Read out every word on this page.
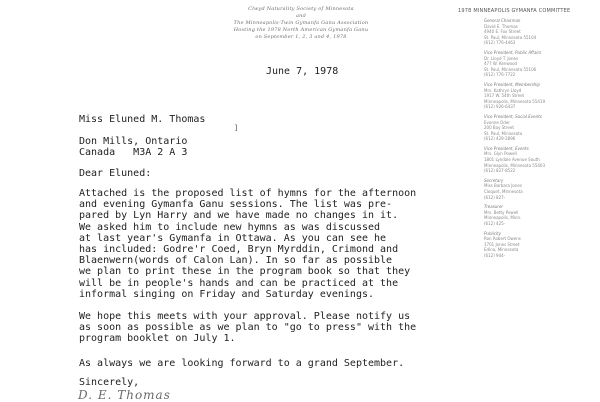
Clwyd Naturality Society of Minnesota
and
The Minneapolis-Twin Gymanfa Ganu Association
Hosting the 1978 North American Gymanfa Ganu
on September 1, 2, 3 and 4, 1978
1978 MINNEAPOLIS GYMANFA COMMITTEE
General Chairman
David E. Thomas
4940 E. Fox Street
St. Paul, Minnesota 55104
(612) 776-4463
Vice President, Public Affairs
Dr. Lloyd T. Jones
477 W. Kenwood
St. Paul, Minnesota 55106
(612) 776-7722
Vice President, Membership
Mrs. Kathryn Lloyd
1917 W. 54th Street
Minneapolis, Minnesota 55419
(612) 926-6437
Vice President, Social Events
Evonne Oder
200 Bay Street
St. Paul, Minnesota
(612) 429-2896
Vice President, Events
Mrs. Glyn Powell
1801 Lyndale Avenue South
Minneapolis, Minnesota 55403
(612) 827-8522
Secretary
Miss Barbara Jones
Cloquet, Minnesota
(612) 827-
Treasurer
Mrs. Betty Powell
Minneapolis, Minn.
(612) 425-
Publicity
Ron Robert Owens
1701 Jones Street
Edina, Minnesota
(612) 944-
June 7, 1978
Miss Eluned M. Thomas
]
Don Mills, Ontario
Canada   M3A 2 A 3
Dear Eluned:
Attached is the proposed list of hymns for the afternoon
and evening Gymanfa Ganu sessions. The list was pre-
pared by Lyn Harry and we have made no changes in it.
We asked him to include new hymns as was discussed
at last year's Gymanfa in Ottawa. As you can see he
has included: Godre'r Coed, Bryn Myrddin, Crimond and
Blaenwern(words of Calon Lan). In so far as possible
we plan to print these in the program book so that they
will be in people's hands and can be practiced at the
informal singing on Friday and Saturday evenings.
We hope this meets with your approval. Please notify us
as soon as possible as we plan to "go to press" with the
program booklet on July 1.
As always we are looking forward to a grand September.
Sincerely,
D. E. Thomas
